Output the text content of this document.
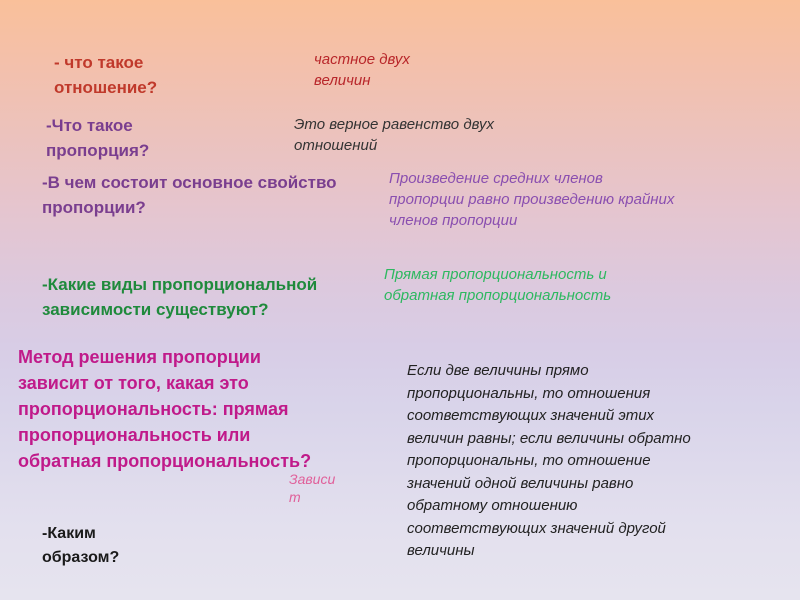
- что такое
отношение?

-Что такое
пропорция?

-В чем состоит основное свойство
пропорции?

-Какие виды пропорциональной
зависимости существуют?

Метод решения пропорции
зависит от того, какая это
пропорциональность: прямая
пропорциональность или
обратная пропорциональность?

-Каким
образом?

частное двух
величин

Это верное равенство двух
отношений

Произведение средних членов
пропорции равно произведению крайних
членов пропорции

Прямая пропорциональность и
обратная пропорциональность

Зависи
т

Если две величины прямо
пропорциональны, то отношения
соответствующих значений этих
величин равны; если величины обратно
пропорциональны, то отношение
значений одной величины равно
обратному отношению
соответствующих значений другой
величины
